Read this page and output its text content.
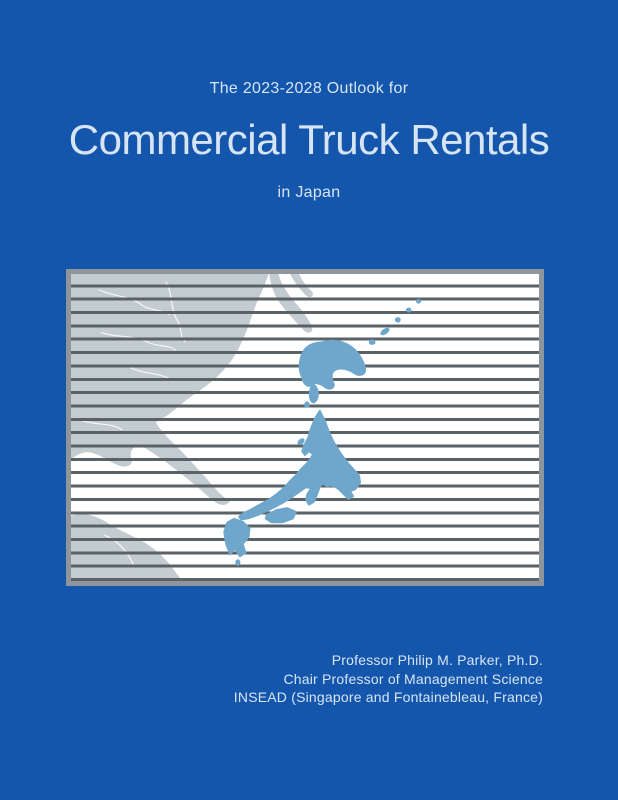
The 2023-2028 Outlook for
Commercial Truck Rentals
in Japan
Professor Philip M. Parker, Ph.D.
Chair Professor of Management Science
INSEAD (Singapore and Fontainebleau, France)
